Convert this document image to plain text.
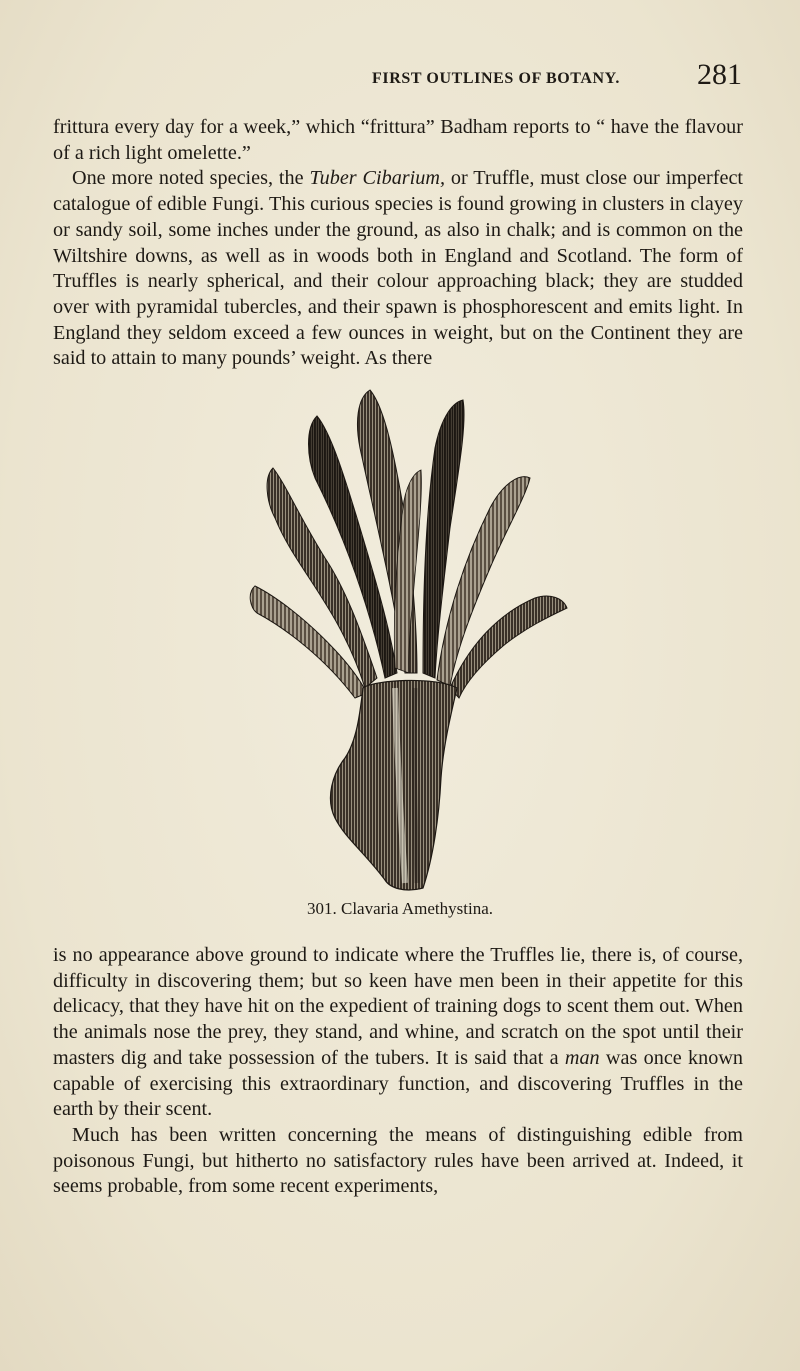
FIRST OUTLINES OF BOTANY.	281

frittura every day for a week,” which “frittura” Badham reports to “ have the flavour of a rich light omelette.”

One more noted species, the Tuber Cibarium, or Truffle, must close our imperfect catalogue of edible Fungi. This curious species is found growing in clusters in clayey or sandy soil, some inches under the ground, as also in chalk; and is common on the Wiltshire downs, as well as in woods both in England and Scotland. The form of Truffles is nearly spherical, and their colour approaching black; they are studded over with pyramidal tubercles, and their spawn is phosphorescent and emits light. In England they seldom exceed a few ounces in weight, but on the Continent they are said to attain to many pounds’ weight. As there

301. Clavaria Amethystina.

is no appearance above ground to indicate where the Truffles lie, there is, of course, difficulty in discovering them; but so keen have men been in their appetite for this delicacy, that they have hit on the expedient of training dogs to scent them out. When the animals nose the prey, they stand, and whine, and scratch on the spot until their masters dig and take possession of the tubers. It is said that a man was once known capable of exercising this extraordinary function, and discovering Truffles in the earth by their scent.

Much has been written concerning the means of distinguishing edible from poisonous Fungi, but hitherto no satisfactory rules have been arrived at. Indeed, it seems probable, from some recent experiments,
